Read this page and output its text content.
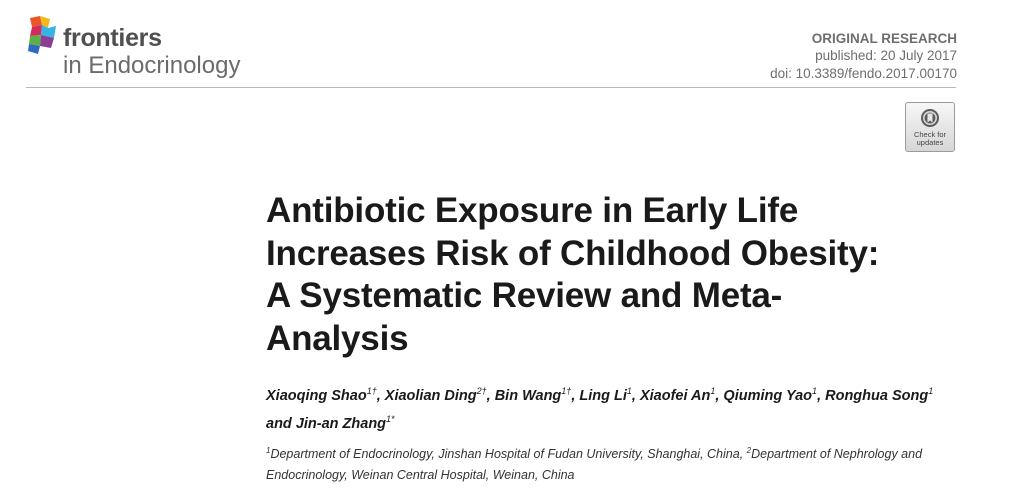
frontiers
in Endocrinology
ORIGINAL RESEARCH
published: 20 July 2017
doi: 10.3389/fendo.2017.00170
Check for
updates
Antibiotic Exposure in Early Life Increases Risk of Childhood Obesity: A Systematic Review and Meta-Analysis
Xiaoqing Shao$^{1\dagger}$, Xiaolian Ding$^{2\dagger}$, Bin Wang$^{1\dagger}$, Ling Li$^1$, Xiaofei An$^1$, Qiuming Yao$^1$, Ronghua Song$^1$ and Jin-an Zhang$^{1*}$
$^1$Department of Endocrinology, Jinshan Hospital of Fudan University, Shanghai, China, $^2$Department of Nephrology and Endocrinology, Weinan Central Hospital, Weinan, China
